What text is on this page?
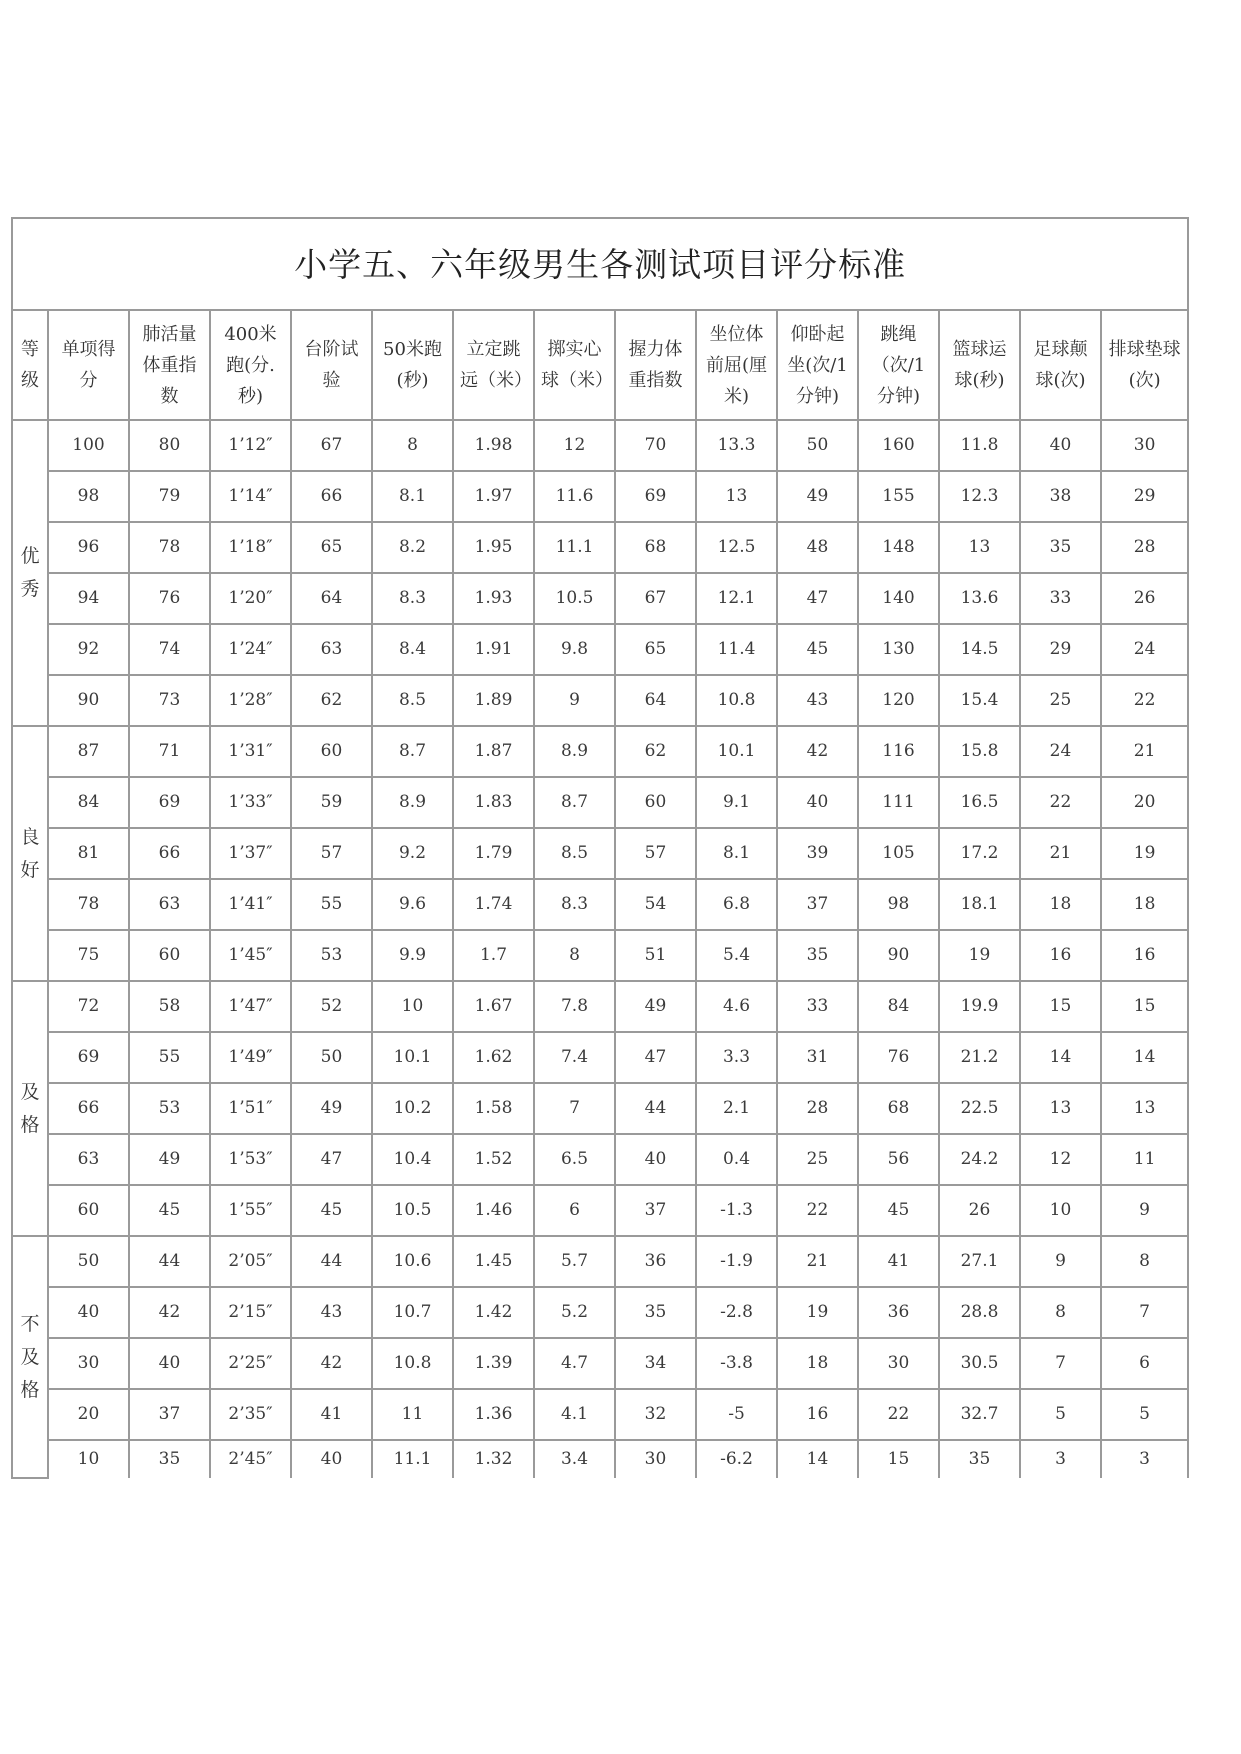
小学五、六年级男生各测试项目评分标准														
等级	单项得分	肺活量体重指数	400米跑(分.秒)	台阶试验	50米跑(秒)	立定跳远（米）	掷实心球（米）	握力体重指数	坐位体前屈(厘米)	仰卧起坐(次/1分钟)	跳绳（次/1分钟)	篮球运球(秒)	足球颠球(次)	排球垫球(次)
优秀	100	80	1’12″	67	8	1.98	12	70	13.3	50	160	11.8	40	30
	98	79	1’14″	66	8.1	1.97	11.6	69	13	49	155	12.3	38	29
	96	78	1’18″	65	8.2	1.95	11.1	68	12.5	48	148	13	35	28
	94	76	1’20″	64	8.3	1.93	10.5	67	12.1	47	140	13.6	33	26
	92	74	1’24″	63	8.4	1.91	9.8	65	11.4	45	130	14.5	29	24
	90	73	1’28″	62	8.5	1.89	9	64	10.8	43	120	15.4	25	22
良好	87	71	1’31″	60	8.7	1.87	8.9	62	10.1	42	116	15.8	24	21
	84	69	1’33″	59	8.9	1.83	8.7	60	9.1	40	111	16.5	22	20
	81	66	1’37″	57	9.2	1.79	8.5	57	8.1	39	105	17.2	21	19
	78	63	1’41″	55	9.6	1.74	8.3	54	6.8	37	98	18.1	18	18
	75	60	1’45″	53	9.9	1.7	8	51	5.4	35	90	19	16	16
及格	72	58	1’47″	52	10	1.67	7.8	49	4.6	33	84	19.9	15	15
	69	55	1’49″	50	10.1	1.62	7.4	47	3.3	31	76	21.2	14	14
	66	53	1’51″	49	10.2	1.58	7	44	2.1	28	68	22.5	13	13
	63	49	1’53″	47	10.4	1.52	6.5	40	0.4	25	56	24.2	12	11
	60	45	1’55″	45	10.5	1.46	6	37	-1.3	22	45	26	10	9
不及格	50	44	2’05″	44	10.6	1.45	5.7	36	-1.9	21	41	27.1	9	8
	40	42	2’15″	43	10.7	1.42	5.2	35	-2.8	19	36	28.8	8	7
	30	40	2’25″	42	10.8	1.39	4.7	34	-3.8	18	30	30.5	7	6
	20	37	2’35″	41	11	1.36	4.1	32	-5	16	22	32.7	5	5
	10	35	2’45″	40	11.1	1.32	3.4	30	-6.2	14	15	35	3	3
